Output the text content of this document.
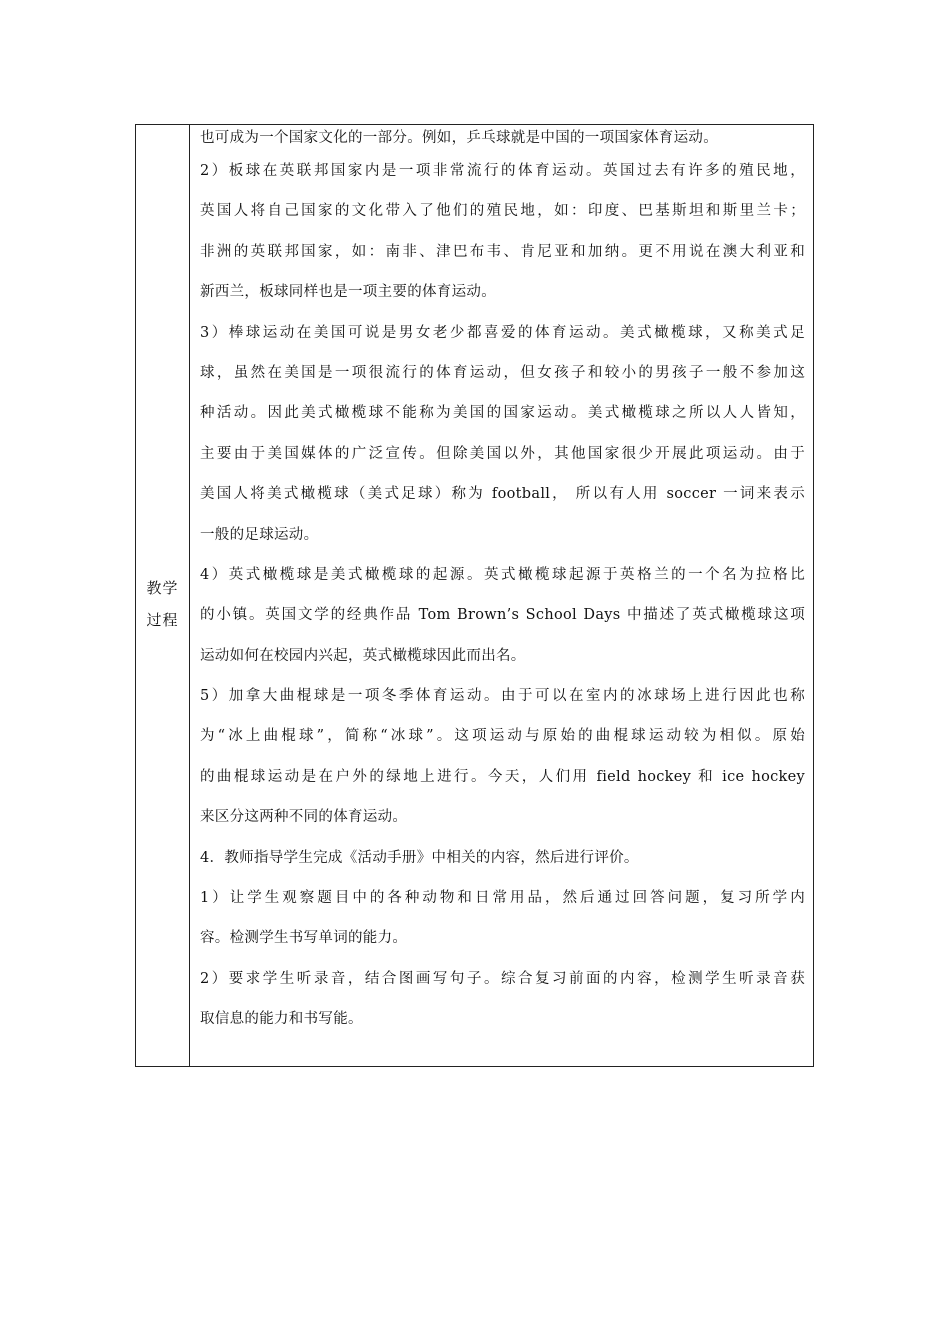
教学过程
也可成为一个国家文化的一部分。例如，乒乓球就是中国的一项国家体育运动。
2）板球在英联邦国家内是一项非常流行的体育运动。英国过去有许多的殖民地，
英国人将自己国家的文化带入了他们的殖民地，如：印度、巴基斯坦和斯里兰卡；
非洲的英联邦国家，如：南非、津巴布韦、肯尼亚和加纳。更不用说在澳大利亚和
新西兰，板球同样也是一项主要的体育运动。
3）棒球运动在美国可说是男女老少都喜爱的体育运动。美式橄榄球，又称美式足
球，虽然在美国是一项很流行的体育运动，但女孩子和较小的男孩子一般不参加这
种活动。因此美式橄榄球不能称为美国的国家运动。美式橄榄球之所以人人皆知，
主要由于美国媒体的广泛宣传。但除美国以外，其他国家很少开展此项运动。由于
美国人将美式橄榄球（美式足球）称为 football， 所以有人用 soccer 一词来表示
一般的足球运动。
4）英式橄榄球是美式橄榄球的起源。英式橄榄球起源于英格兰的一个名为拉格比
的小镇。英国文学的经典作品 Tom Brown’s School Days 中描述了英式橄榄球这项
运动如何在校园内兴起，英式橄榄球因此而出名。
5）加拿大曲棍球是一项冬季体育运动。由于可以在室内的冰球场上进行因此也称
为“冰上曲棍球”，简称“冰球”。这项运动与原始的曲棍球运动较为相似。原始
的曲棍球运动是在户外的绿地上进行。今天，人们用 field hockey 和 ice hockey
来区分这两种不同的体育运动。
4．教师指导学生完成《活动手册》中相关的内容，然后进行评价。
1）让学生观察题目中的各种动物和日常用品，然后通过回答问题，复习所学内
容。检测学生书写单词的能力。
2）要求学生听录音，结合图画写句子。综合复习前面的内容，检测学生听录音获
取信息的能力和书写能。
